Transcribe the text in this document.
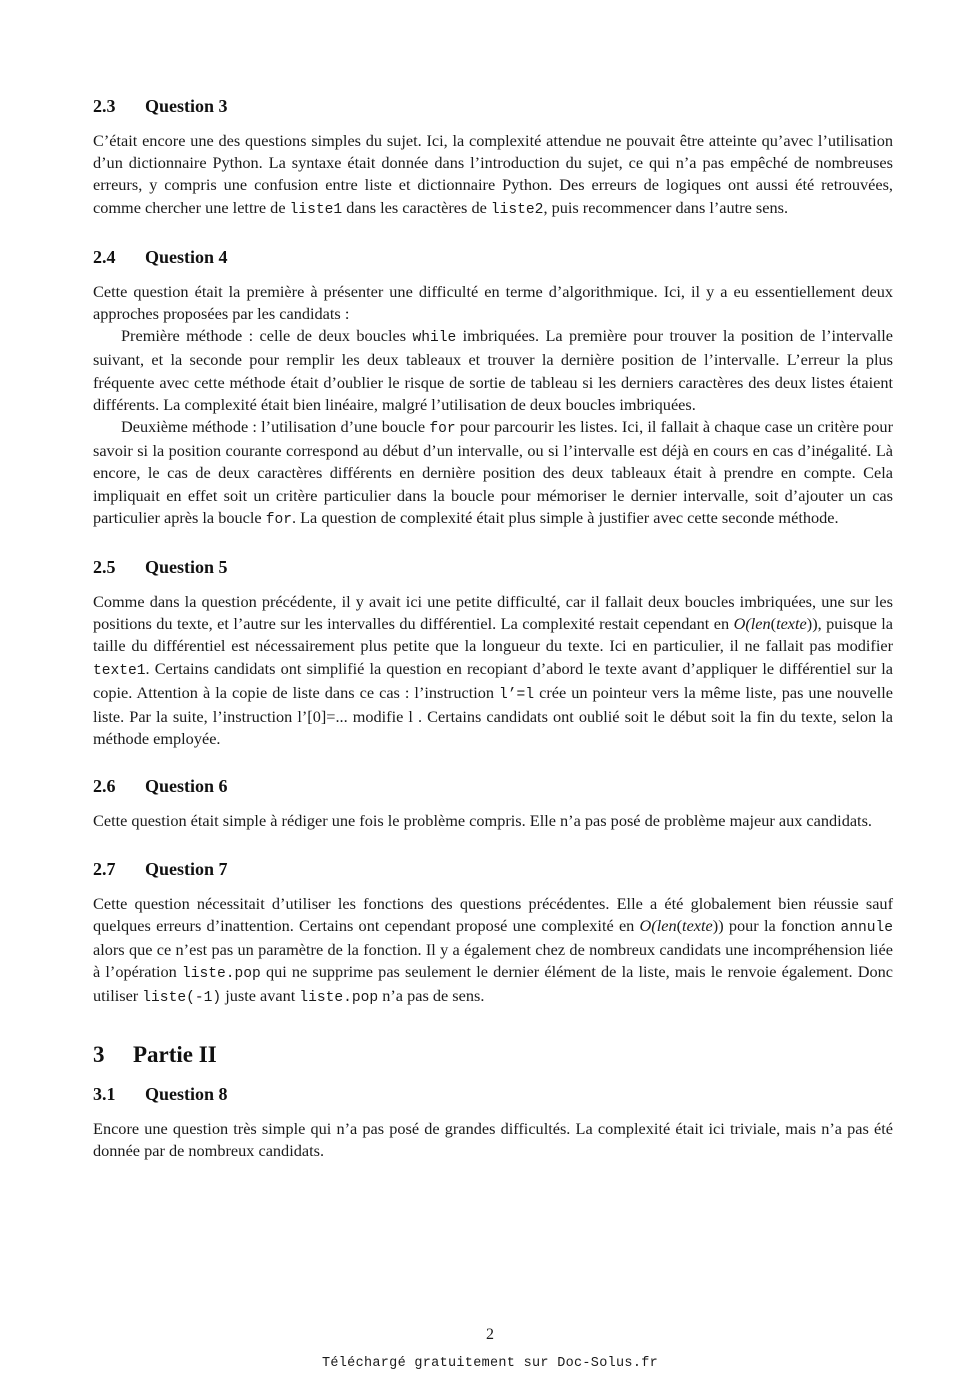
2.3 Question 3

C’était encore une des questions simples du sujet. Ici, la complexité attendue ne pouvait être atteinte qu’avec l’utilisation d’un dictionnaire Python. La syntaxe était donnée dans l’introduction du sujet, ce qui n’a pas empêché de nombreuses erreurs, y compris une confusion entre liste et dictionnaire Python. Des erreurs de logiques ont aussi été retrouvées, comme chercher une lettre de liste1 dans les caractères de liste2, puis recommencer dans l’autre sens.

2.4 Question 4

Cette question était la première à présenter une difficulté en terme d’algorithmique. Ici, il y a eu essentiellement deux approches proposées par les candidats :

Première méthode : celle de deux boucles while imbriquées. La première pour trouver la position de l’intervalle suivant, et la seconde pour remplir les deux tableaux et trouver la dernière position de l’intervalle. L’erreur la plus fréquente avec cette méthode était d’oublier le risque de sortie de tableau si les derniers caractères des deux listes étaient différents. La complexité était bien linéaire, malgré l’utilisation de deux boucles imbriquées.

Deuxième méthode : l’utilisation d’une boucle for pour parcourir les listes. Ici, il fallait à chaque case un critère pour savoir si la position courante correspond au début d’un intervalle, ou si l’intervalle est déjà en cours en cas d’inégalité. Là encore, le cas de deux caractères différents en dernière position des deux tableaux était à prendre en compte. Cela impliquait en effet soit un critère particulier dans la boucle pour mémoriser le dernier intervalle, soit d’ajouter un cas particulier après la boucle for. La question de complexité était plus simple à justifier avec cette seconde méthode.

2.5 Question 5

Comme dans la question précédente, il y avait ici une petite difficulté, car il fallait deux boucles imbriquées, une sur les positions du texte, et l’autre sur les intervalles du différentiel. La complexité restait cependant en O(len(texte)), puisque la taille du différentiel est nécessairement plus petite que la longueur du texte. Ici en particulier, il ne fallait pas modifier texte1. Certains candidats ont simplifié la question en recopiant d’abord le texte avant d’appliquer le différentiel sur la copie. Attention à la copie de liste dans ce cas : l’instruction l’=l crée un pointeur vers la même liste, pas une nouvelle liste. Par la suite, l’instruction l’[0]=... modifie l . Certains candidats ont oublié soit le début soit la fin du texte, selon la méthode employée.

2.6 Question 6

Cette question était simple à rédiger une fois le problème compris. Elle n’a pas posé de problème majeur aux candidats.

2.7 Question 7

Cette question nécessitait d’utiliser les fonctions des questions précédentes. Elle a été globalement bien réussie sauf quelques erreurs d’inattention. Certains ont cependant proposé une complexité en O(len(texte)) pour la fonction annule alors que ce n’est pas un paramètre de la fonction. Il y a également chez de nombreux candidats une incompréhension liée à l’opération liste.pop qui ne supprime pas seulement le dernier élément de la liste, mais le renvoie également. Donc utiliser liste(-1) juste avant liste.pop n’a pas de sens.

3 Partie II
3.1 Question 8

Encore une question très simple qui n’a pas posé de grandes difficultés. La complexité était ici triviale, mais n’a pas été donnée par de nombreux candidats.

2
Téléchargé gratuitement sur Doc-Solus.fr
